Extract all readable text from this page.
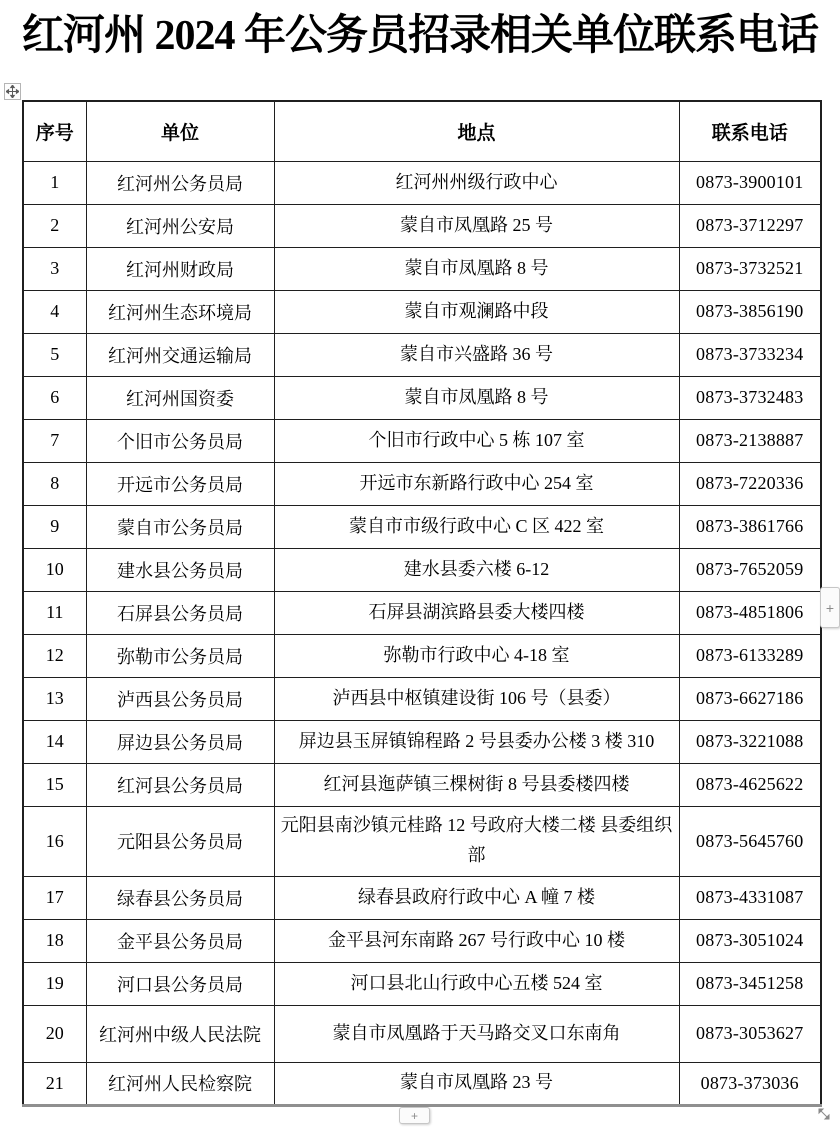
红河州 2024 年公务员招录相关单位联系电话
序号	单位	地点	联系电话
1	红河州公务员局	红河州州级行政中心	0873-3900101
2	红河州公安局	蒙自市凤凰路 25 号	0873-3712297
3	红河州财政局	蒙自市凤凰路 8 号	0873-3732521
4	红河州生态环境局	蒙自市观澜路中段	0873-3856190
5	红河州交通运输局	蒙自市兴盛路 36 号	0873-3733234
6	红河州国资委	蒙自市凤凰路 8 号	0873-3732483
7	个旧市公务员局	个旧市行政中心 5 栋 107 室	0873-2138887
8	开远市公务员局	开远市东新路行政中心 254 室	0873-7220336
9	蒙自市公务员局	蒙自市市级行政中心 C 区 422 室	0873-3861766
10	建水县公务员局	建水县委六楼 6-12	0873-7652059
11	石屏县公务员局	石屏县湖滨路县委大楼四楼	0873-4851806
12	弥勒市公务员局	弥勒市行政中心 4-18 室	0873-6133289
13	泸西县公务员局	泸西县中枢镇建设街 106 号（县委）	0873-6627186
14	屏边县公务员局	屏边县玉屏镇锦程路 2 号县委办公楼 3 楼 310	0873-3221088
15	红河县公务员局	红河县迤萨镇三棵树街 8 号县委楼四楼	0873-4625622
16	元阳县公务员局	元阳县南沙镇元桂路 12 号政府大楼二楼 县委组织部	0873-5645760
17	绿春县公务员局	绿春县政府行政中心 A 幢 7 楼	0873-4331087
18	金平县公务员局	金平县河东南路 267 号行政中心 10 楼	0873-3051024
19	河口县公务员局	河口县北山行政中心五楼 524 室	0873-3451258
20	红河州中级人民法院	蒙自市凤凰路于天马路交叉口东南角	0873-3053627
21	红河州人民检察院	蒙自市凤凰路 23 号	0873-373036
+
+
